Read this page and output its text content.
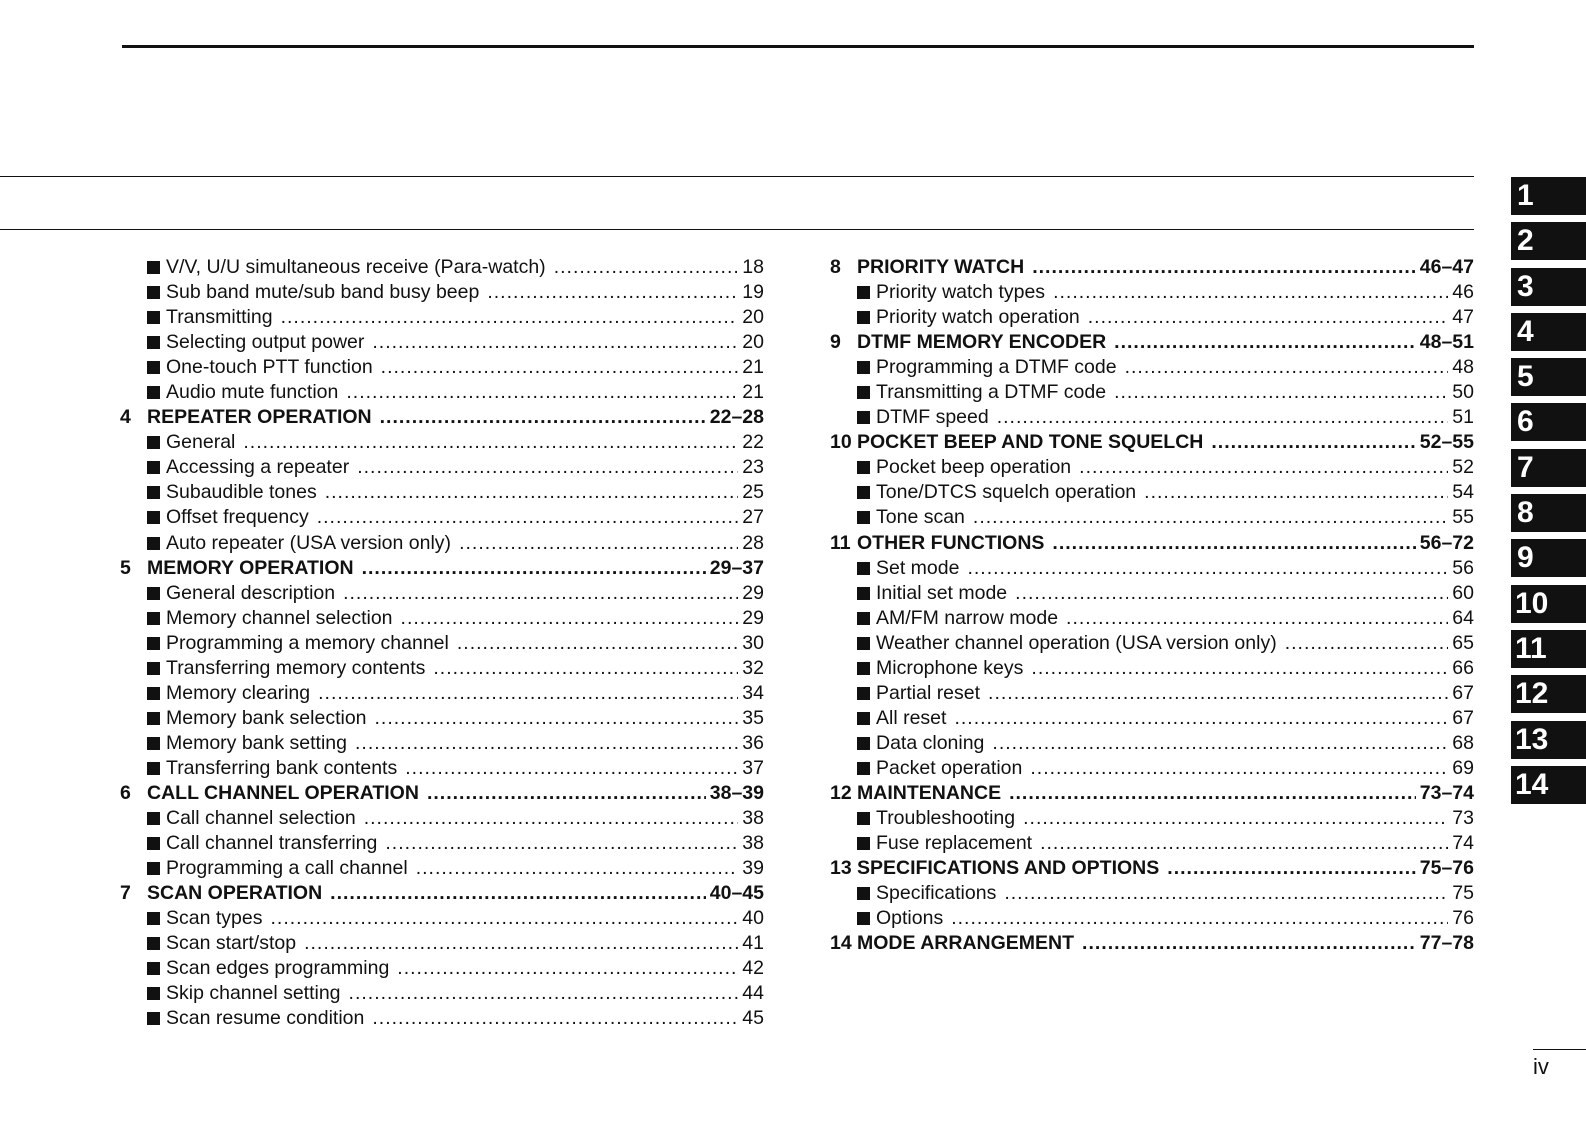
V/V, U/U simultaneous receive (Para-watch) .....	18
Sub band mute/sub band busy beep .....	19
Transmitting .....	20
Selecting output power .....	20
One-touch PTT function .....	21
Audio mute function .....	21
4 REPEATER OPERATION .....	22–28
General .....	22
Accessing a repeater .....	23
Subaudible tones .....	25
Offset frequency .....	27
Auto repeater (USA version only) .....	28
5 MEMORY OPERATION .....	29–37
General description .....	29
Memory channel selection .....	29
Programming a memory channel .....	30
Transferring memory contents .....	32
Memory clearing .....	34
Memory bank selection .....	35
Memory bank setting .....	36
Transferring bank contents .....	37
6 CALL CHANNEL OPERATION .....	38–39
Call channel selection .....	38
Call channel transferring .....	38
Programming a call channel .....	39
7 SCAN OPERATION .....	40–45
Scan types .....	40
Scan start/stop .....	41
Scan edges programming .....	42
Skip channel setting .....	44
Scan resume condition .....	45
8 PRIORITY WATCH .....	46–47
Priority watch types .....	46
Priority watch operation .....	47
9 DTMF MEMORY ENCODER .....	48–51
Programming a DTMF code .....	48
Transmitting a DTMF code .....	50
DTMF speed .....	51
10 POCKET BEEP AND TONE SQUELCH .....	52–55
Pocket beep operation .....	52
Tone/DTCS squelch operation .....	54
Tone scan .....	55
11 OTHER FUNCTIONS .....	56–72
Set mode .....	56
Initial set mode .....	60
AM/FM narrow mode .....	64
Weather channel operation (USA version only) .....	65
Microphone keys .....	66
Partial reset .....	67
All reset .....	67
Data cloning .....	68
Packet operation .....	69
12 MAINTENANCE .....	73–74
Troubleshooting .....	73
Fuse replacement .....	74
13 SPECIFICATIONS AND OPTIONS .....	75–76
Specifications .....	75
Options .....	76
14 MODE ARRANGEMENT .....	77–78
1
2
3
4
5
6
7
8
9
10
11
12
13
14
iv
